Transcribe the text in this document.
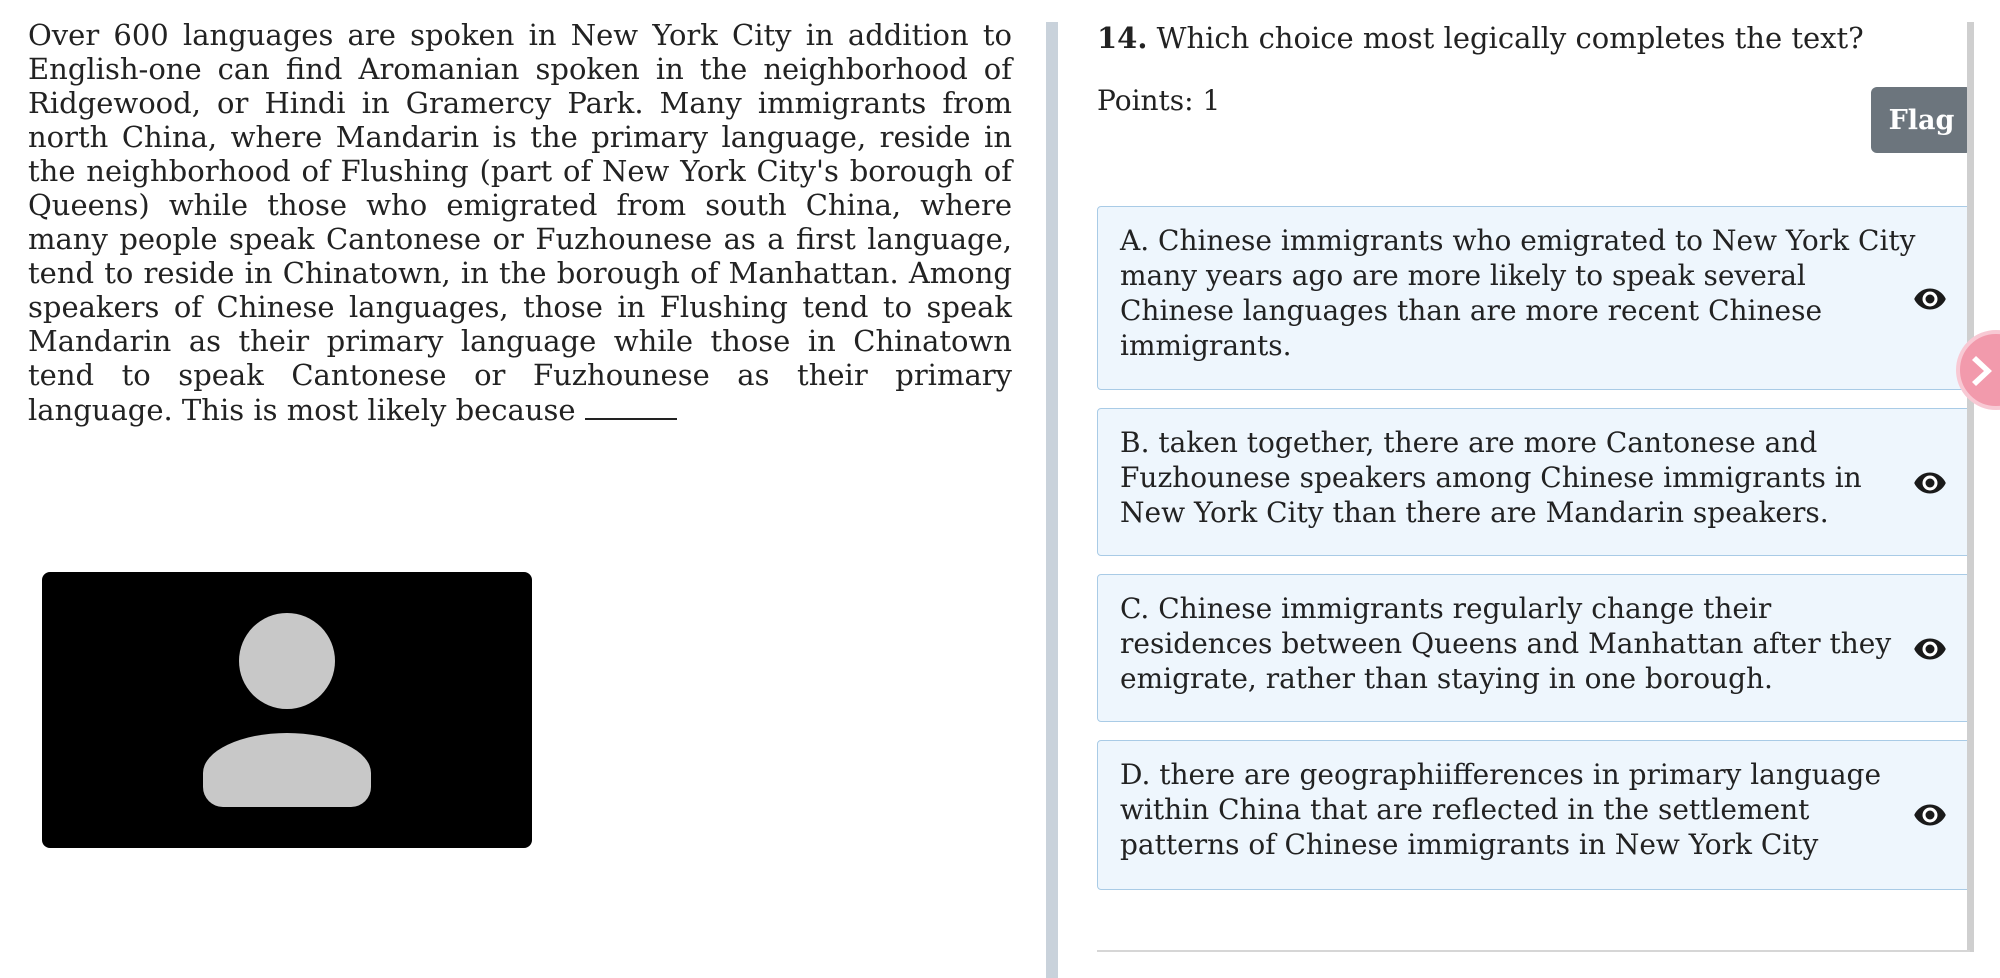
Over 600 languages are spoken in New York City in addition to English-one can find Aromanian spoken in the neighborhood of Ridgewood, or Hindi in Gramercy Park. Many immigrants from north China, where Mandarin is the primary language, reside in the neighborhood of Flushing (part of New York City's borough of Queens) while those who emigrated from south China, where many people speak Cantonese or Fuzhounese as a first language, tend to reside in Chinatown, in the borough of Manhattan. Among speakers of Chinese languages, those in Flushing tend to speak Mandarin as their primary language while those in Chinatown tend to speak Cantonese or Fuzhounese as their primary language. This is most likely because

14. Which choice most legically completes the text?
Points: 1
Flag

A. Chinese immigrants who emigrated to New York City many years ago are more likely to speak several Chinese languages than are more recent Chinese immigrants.

B. taken together, there are more Cantonese and Fuzhounese speakers among Chinese immigrants in New York City than there are Mandarin speakers.

C. Chinese immigrants regularly change their residences between Queens and Manhattan after they emigrate, rather than staying in one borough.

D. there are geographiifferences in primary language within China that are reflected in the settlement patterns of Chinese immigrants in New York City
